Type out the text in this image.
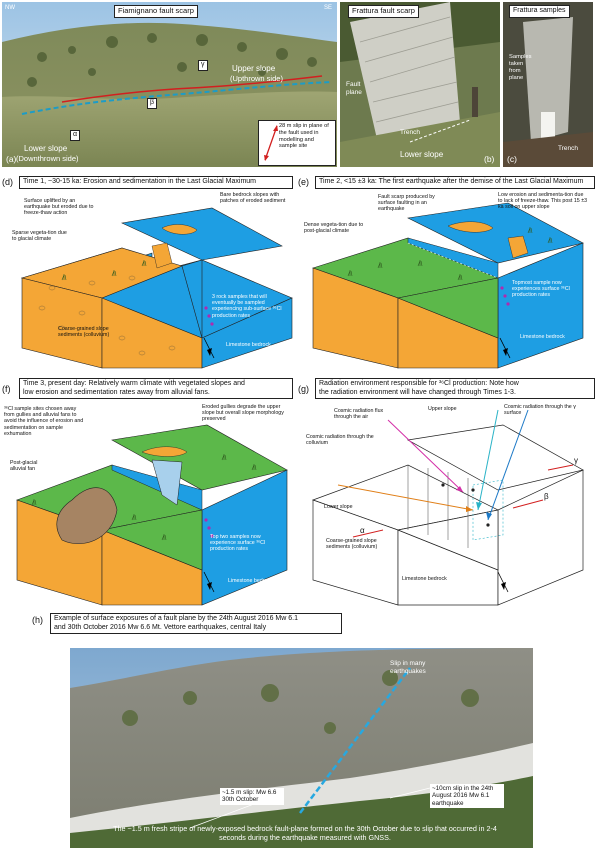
Fiamignano fault scarp
NW	SE
γ
β
α
Upper slope
(Upthrown side)
Lower slope
(Downthrown side)
28 m slip in plane of the fault used in modelling and sample site
(a)
Frattura fault scarp
Fault
plane
Trench
Lower slope	(b)
Frattura samples
Samples
taken
from
plane
Trench
(c)
(d)	Time 1, ~30-15 ka: Erosion and sedimentation in the Last Glacial Maximum
Surface uplifted by an earthquake but eroded due to freeze-thaw action
Bare bedrock slopes with patches of eroded sediment
Sparse vegeta-tion due to glacial climate
3 rock samples that will eventually be sampled experiencing sub-surface ³⁶Cl production rates
Coarse-grained slope sediments (colluvium)
Limestone bedrock
(e)	Time 2, <15 ±3 ka: The first earthquake after the demise of the Last Glacial Maximum
Fault scarp produced by surface faulting in an earthquake
Low erosion and sedimenta-tion due to lack of freeze-thaw. This post 15 ±3 ka soil on upper slope
Dense vegeta-tion due to post-glacial climate
Topmost sample now experiences surface ³⁶Cl production rates
Limestone bedrock
(f)
Time 3, present day: Relatively warm climate with vegetated slopes and
low erosion and sedimentation rates away from alluvial fans.
³⁶Cl sample sites chosen away from gullies and alluvial fans to avoid the influence of erosion and sedimentation on sample exhumation
Eroded gullies degrade the upper slope but overall slope morphology preserved
Post-glacial alluvial fan
Top two samples now experience surface ³⁶Cl production rates
Limestone bedrock
(g)
Radiation environment responsible for ³⁶Cl production: Note how
the radiation environment will have changed through Times 1-3.
Cosmic radiation flux through the air
Upper slope	Cosmic radiation through the γ surface
Cosmic radiation through the colluvium
Lower slope
Coarse-grained slope sediments (colluvium)
Limestone bedrock
α
β
γ
(h) Example of surface exposures of a fault plane by the 24th August 2016 Mw 6.1
and 30th October 2016 Mw 6.6 Mt. Vettore earthquakes, central Italy
Slip in many earthquakes
~1.5 m slip: Mw 6.6 30th October
~10cm slip in the 24th August 2016 Mw 6.1 earthquake
The ~1.5 m fresh stripe of newly-exposed bedrock fault-plane formed on the 30th October due to slip that occurred in 2-4 seconds during the earthquake measured with GNSS.
